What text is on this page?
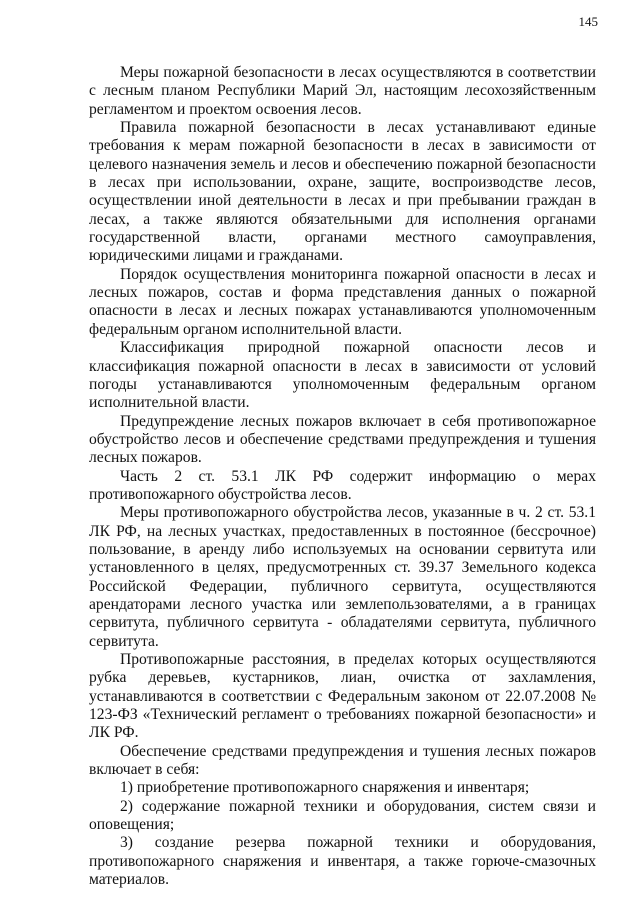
145

Меры пожарной безопасности в лесах осуществляются в соответствии с лесным планом Республики Марий Эл, настоящим лесохозяйственным регламентом и проектом освоения лесов.

Правила пожарной безопасности в лесах устанавливают единые требования к мерам пожарной безопасности в лесах в зависимости от целевого назначения земель и лесов и обеспечению пожарной безопасности в лесах при использовании, охране, защите, воспроизводстве лесов, осуществлении иной деятельности в лесах и при пребывании граждан в лесах, а также являются обязательными для исполнения органами государственной власти, органами местного самоуправления, юридическими лицами и гражданами.

Порядок осуществления мониторинга пожарной опасности в лесах и лесных пожаров, состав и форма представления данных о пожарной опасности в лесах и лесных пожарах устанавливаются уполномоченным федеральным органом исполнительной власти.

Классификация природной пожарной опасности лесов и классификация пожарной опасности в лесах в зависимости от условий погоды устанавливаются уполномоченным федеральным органом исполнительной власти.

Предупреждение лесных пожаров включает в себя противопожарное обустройство лесов и обеспечение средствами предупреждения и тушения лесных пожаров.

Часть 2 ст. 53.1 ЛК РФ содержит информацию о мерах противопожарного обустройства лесов.

Меры противопожарного обустройства лесов, указанные в ч. 2 ст. 53.1 ЛК РФ, на лесных участках, предоставленных в постоянное (бессрочное) пользование, в аренду либо используемых на основании сервитута или установленного в целях, предусмотренных ст. 39.37 Земельного кодекса Российской Федерации, публичного сервитута, осуществляются арендаторами лесного участка или землепользователями, а в границах сервитута, публичного сервитута - обладателями сервитута, публичного сервитута.

Противопожарные расстояния, в пределах которых осуществляются рубка деревьев, кустарников, лиан, очистка от захламления, устанавливаются в соответствии с Федеральным законом от 22.07.2008 № 123-ФЗ «Технический регламент о требованиях пожарной безопасности» и ЛК РФ.

Обеспечение средствами предупреждения и тушения лесных пожаров включает в себя:

1) приобретение противопожарного снаряжения и инвентаря;

2) содержание пожарной техники и оборудования, систем связи и оповещения;

3) создание резерва пожарной техники и оборудования, противопожарного снаряжения и инвентаря, а также горюче-смазочных материалов.
